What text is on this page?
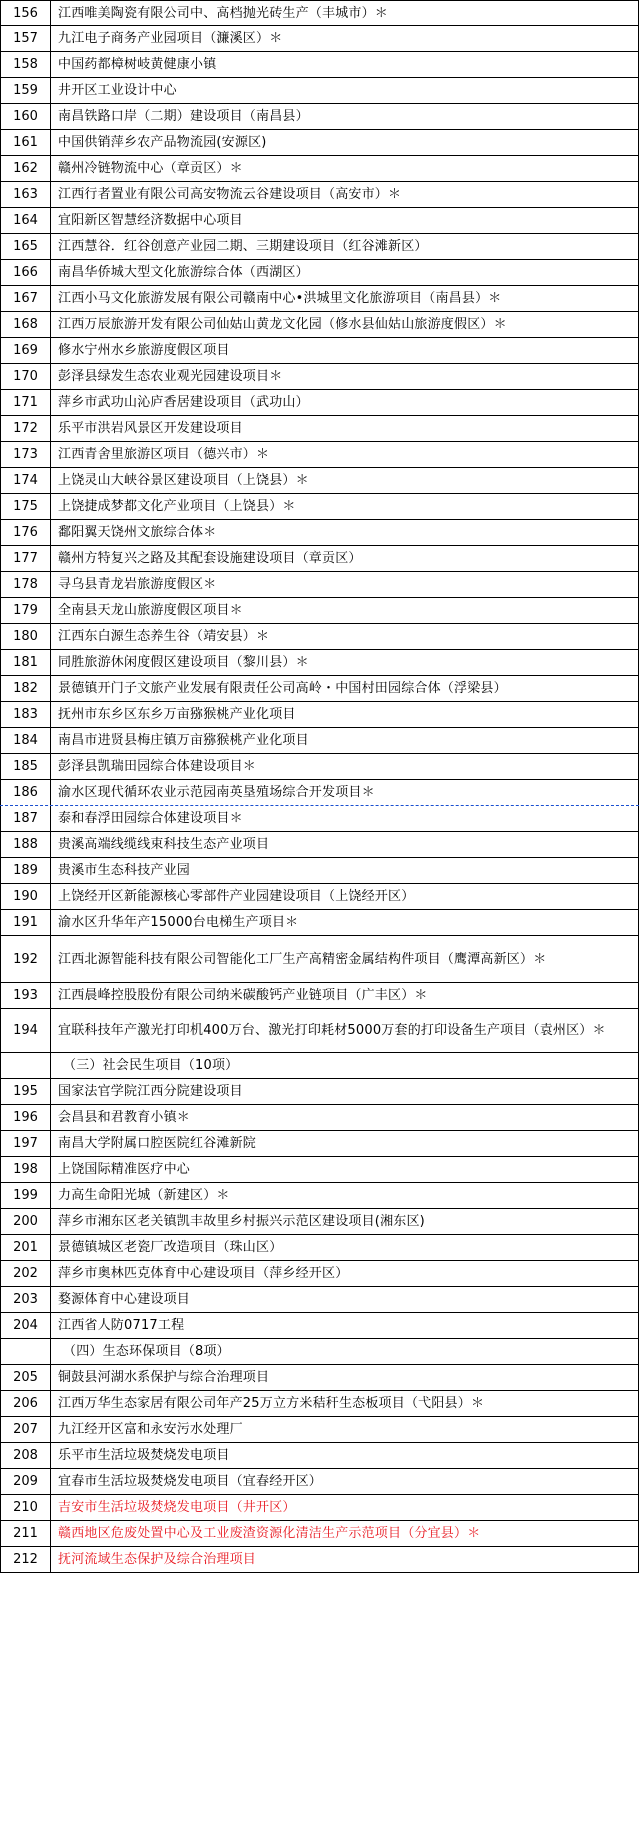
156	江西唯美陶瓷有限公司中、高档抛光砖生产（丰城市）＊
157	九江电子商务产业园项目（濂溪区）＊
158	中国药都樟树岐黄健康小镇
159	井开区工业设计中心
160	南昌铁路口岸（二期）建设项目（南昌县）
161	中国供销萍乡农产品物流园(安源区)
162	赣州冷链物流中心（章贡区）＊
163	江西行者置业有限公司高安物流云谷建设项目（高安市）＊
164	宜阳新区智慧经济数据中心项目
165	江西慧谷．红谷创意产业园二期、三期建设项目（红谷滩新区）
166	南昌华侨城大型文化旅游综合体（西湖区）
167	江西小马文化旅游发展有限公司赣南中心•洪城里文化旅游项目（南昌县）＊
168	江西万辰旅游开发有限公司仙姑山黄龙文化园（修水县仙姑山旅游度假区）＊
169	修水宁州水乡旅游度假区项目
170	彭泽县绿发生态农业观光园建设项目＊
171	萍乡市武功山沁庐香居建设项目（武功山）
172	乐平市洪岩风景区开发建设项目
173	江西青舍里旅游区项目（德兴市）＊
174	上饶灵山大峡谷景区建设项目（上饶县）＊
175	上饶捷成梦都文化产业项目（上饶县）＊
176	鄱阳翼天饶州文旅综合体＊
177	赣州方特复兴之路及其配套设施建设项目（章贡区）
178	寻乌县青龙岩旅游度假区＊
179	全南县天龙山旅游度假区项目＊
180	江西东白源生态养生谷（靖安县）＊
181	同胜旅游休闲度假区建设项目（黎川县）＊
182	景德镇开门子文旅产业发展有限责任公司高岭・中国村田园综合体（浮梁县）
183	抚州市东乡区东乡万亩猕猴桃产业化项目
184	南昌市进贤县梅庄镇万亩猕猴桃产业化项目
185	彭泽县凯瑞田园综合体建设项目＊
186	渝水区现代循环农业示范园南英垦殖场综合开发项目＊
187	泰和春浮田园综合体建设项目＊
188	贵溪高端线缆线束科技生态产业项目
189	贵溪市生态科技产业园
190	上饶经开区新能源核心零部件产业园建设项目（上饶经开区）
191	渝水区升华年产15000台电梯生产项目＊
192	江西北源智能科技有限公司智能化工厂生产高精密金属结构件项目（鹰潭高新区）＊
193	江西晨峰控股股份有限公司纳米碳酸钙产业链项目（广丰区）＊
194	宜联科技年产激光打印机400万台、激光打印耗材5000万套的打印设备生产项目（袁州区）＊
（三）社会民生项目（10项）
195	国家法官学院江西分院建设项目
196	会昌县和君教育小镇＊
197	南昌大学附属口腔医院红谷滩新院
198	上饶国际精准医疗中心
199	力高生命阳光城（新建区）＊
200	萍乡市湘东区老关镇凯丰故里乡村振兴示范区建设项目(湘东区)
201	景德镇城区老瓷厂改造项目（珠山区）
202	萍乡市奥林匹克体育中心建设项目（萍乡经开区）
203	婺源体育中心建设项目
204	江西省人防0717工程
（四）生态环保项目（8项）
205	铜鼓县河湖水系保护与综合治理项目
206	江西万华生态家居有限公司年产25万立方米秸秆生态板项目（弋阳县）＊
207	九江经开区富和永安污水处理厂
208	乐平市生活垃圾焚烧发电项目
209	宜春市生活垃圾焚烧发电项目（宜春经开区）
210	吉安市生活垃圾焚烧发电项目（井开区）
211	赣西地区危废处置中心及工业废渣资源化清洁生产示范项目（分宜县）＊
212	抚河流域生态保护及综合治理项目
